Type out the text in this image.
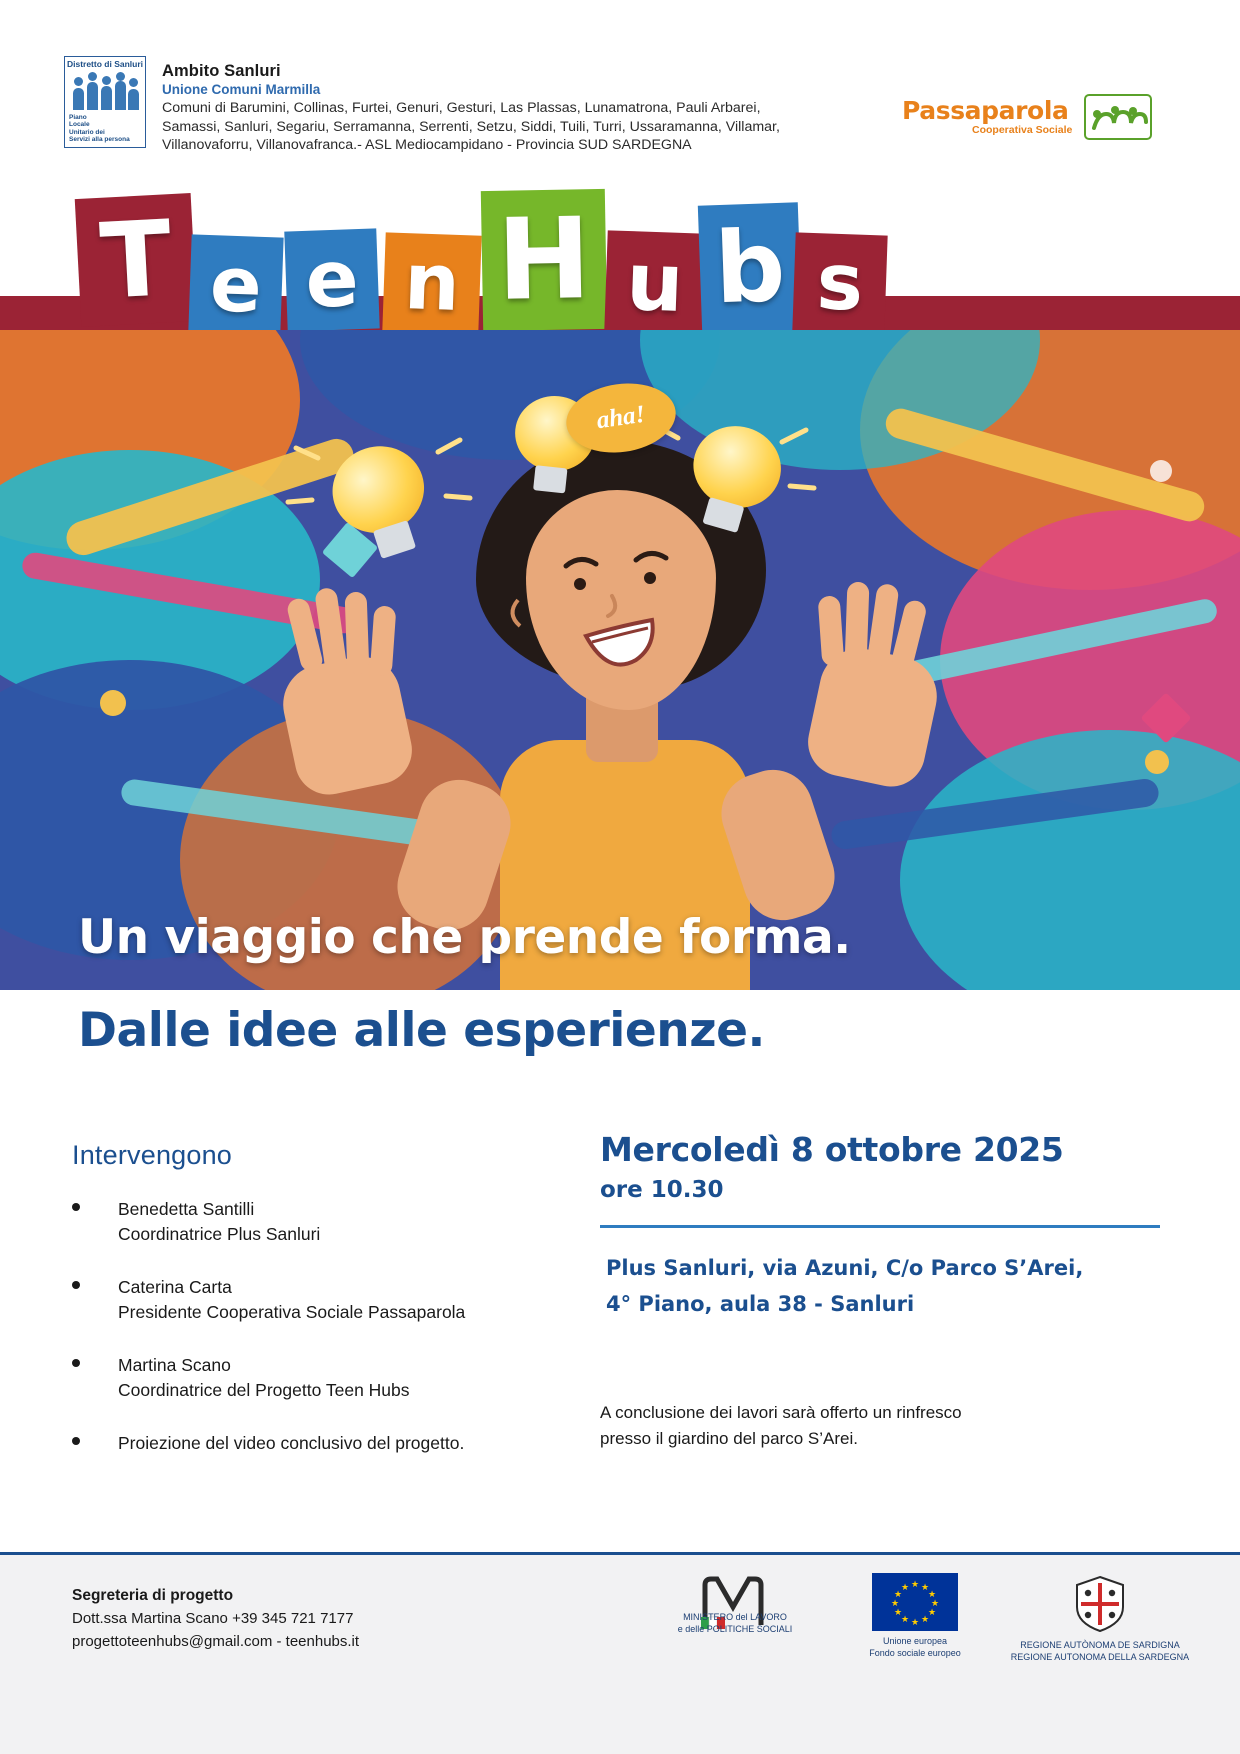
Distretto di Sanluri
Piano
Locale
Unitario dei
Servizi alla persona
Ambito Sanluri
Unione Comuni Marmilla
Comuni di Barumini, Collinas, Furtei, Genuri, Gesturi, Las Plassas, Lunamatrona, Pauli Arbarei, Samassi, Sanluri, Segariu, Serramanna, Serrenti, Setzu, Siddi, Tuili, Turri, Ussaramanna, Villamar, Villanovaforru, Villanovafranca.- ASL Mediocampidano - Provincia SUD SARDEGNA
Passaparola
Cooperativa Sociale
T e e n H u b s
aha!
Un viaggio che prende forma.
Dalle idee alle esperienze.
Intervengono
Benedetta Santilli
Coordinatrice Plus Sanluri
Caterina Carta
Presidente Cooperativa Sociale Passaparola
Martina Scano
Coordinatrice del Progetto Teen Hubs
Proiezione del video conclusivo del progetto.
Mercoledì 8 ottobre 2025
ore 10.30
Plus Sanluri, via Azuni, C/o Parco S’Arei,
4° Piano, aula 38 - Sanluri
A conclusione dei lavori sarà offerto un rinfresco
presso il giardino del parco S’Arei.
Segreteria di progetto
Dott.ssa Martina Scano +39 345 721 7177
progettoteenhubs@gmail.com - teenhubs.it
MINISTERO del LAVORO
e delle POLITICHE SOCIALI
★ ★
★
★
★
★
★
★
★
★
★
★
Unione europea
Fondo sociale europeo
REGIONE AUTÒNOMA DE SARDIGNA
REGIONE AUTONOMA DELLA SARDEGNA
